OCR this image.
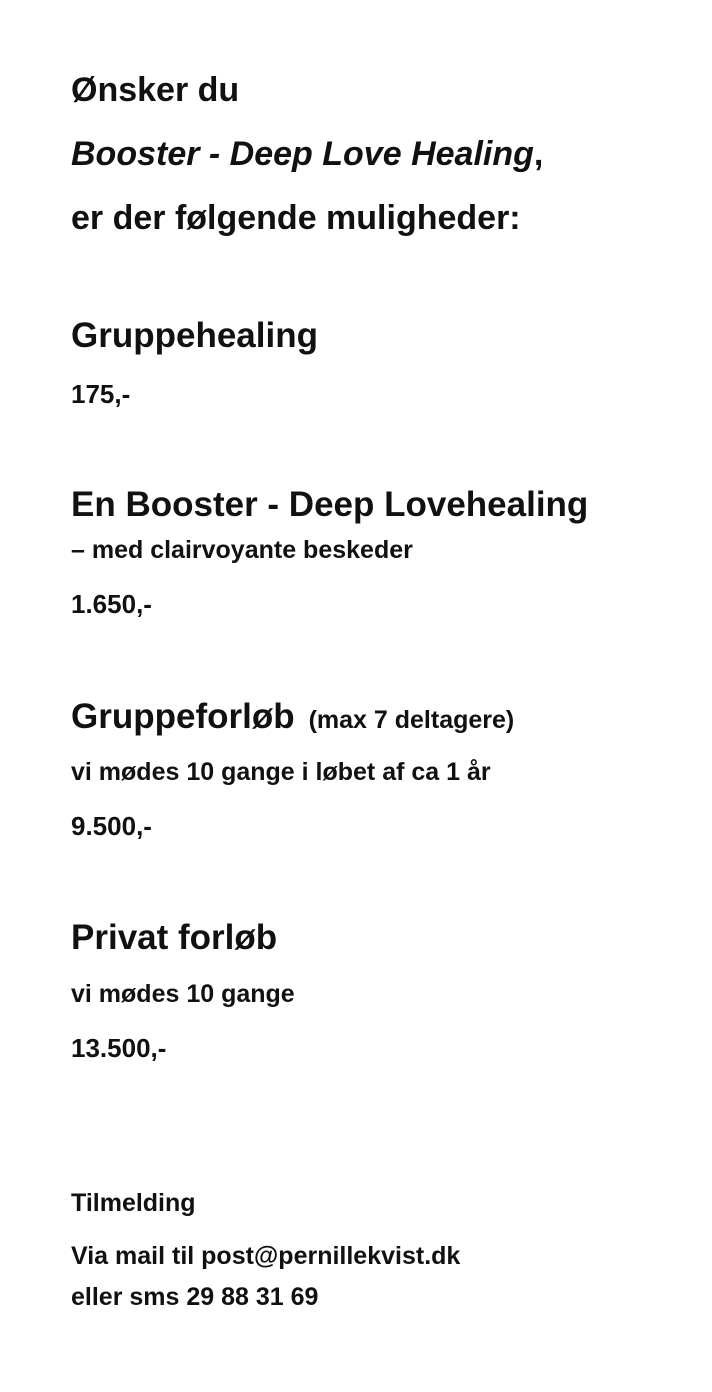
Ønsker du
Booster - Deep Love Healing,
er der følgende muligheder:
Gruppehealing
175,-
En Booster - Deep Lovehealing
– med clairvoyante beskeder
1.650,-
Gruppeforløb (max 7 deltagere)
vi mødes 10 gange i løbet af ca 1 år
9.500,-
Privat forløb
vi mødes 10 gange
13.500,-
Tilmelding
Via mail til post@pernillekvist.dk
eller sms 29 88 31 69
